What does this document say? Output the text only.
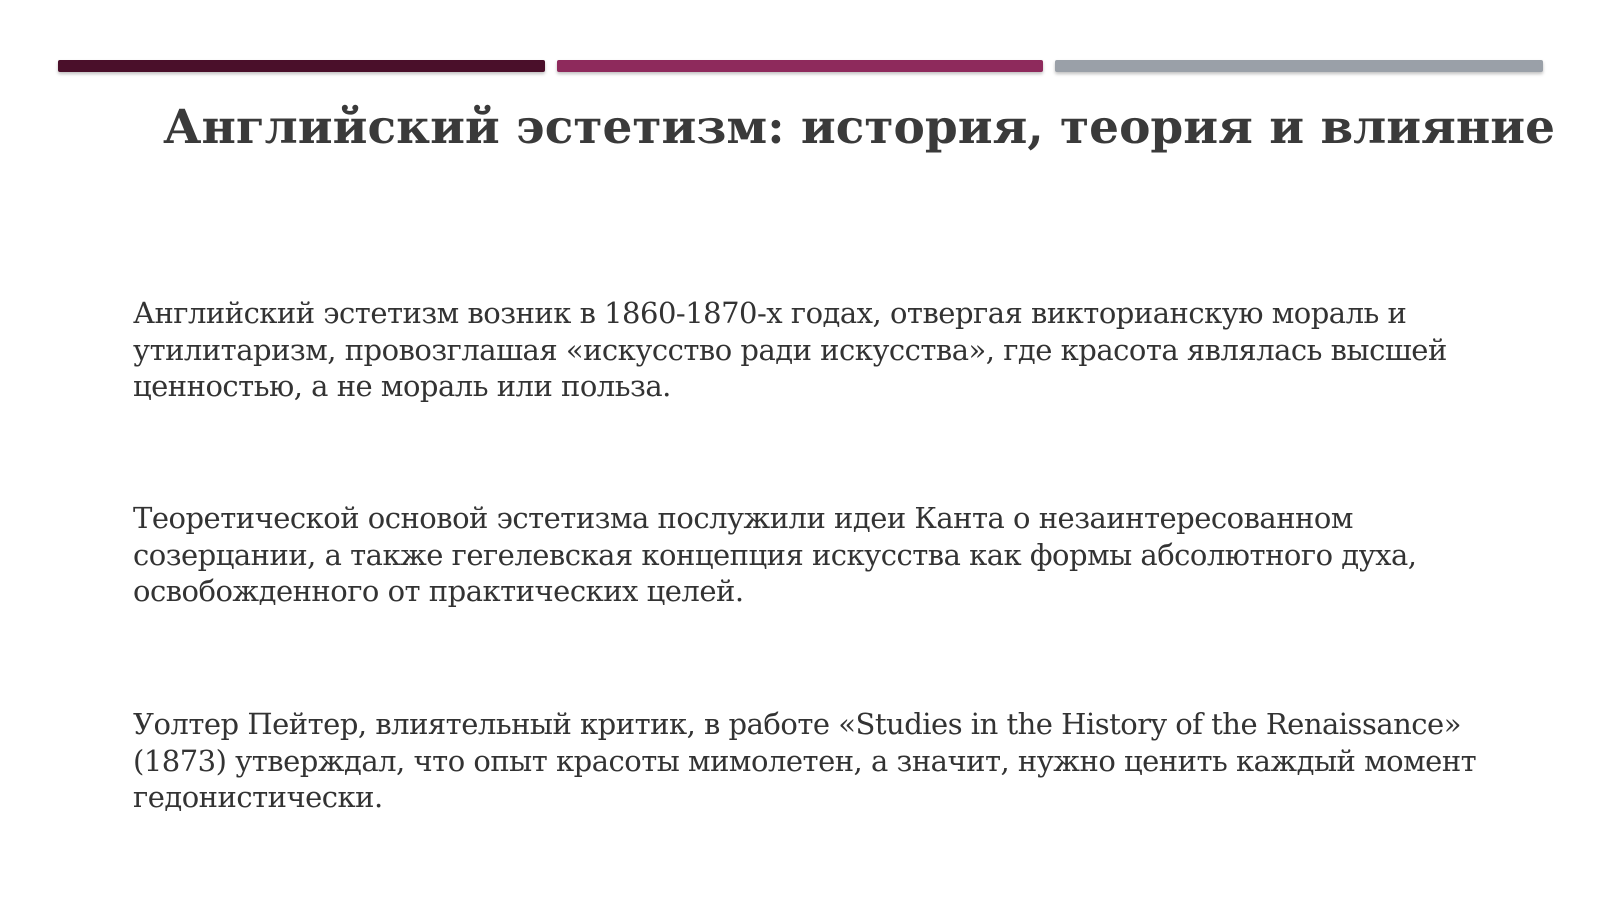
Английский эстетизм: история, теория и влияние

Английский эстетизм возник в 1860-1870-х годах, отвергая викторианскую мораль и утилитаризм, провозглашая «искусство ради искусства», где красота являлась высшей ценностью, а не мораль или польза.

Теоретической основой эстетизма послужили идеи Канта о незаинтересованном созерцании, а также гегелевская концепция искусства как формы абсолютного духа, освобожденного от практических целей.

Уолтер Пейтер, влиятельный критик, в работе «Studies in the History of the Renaissance» (1873) утверждал, что опыт красоты мимолетен, а значит, нужно ценить каждый момент гедонистически.
